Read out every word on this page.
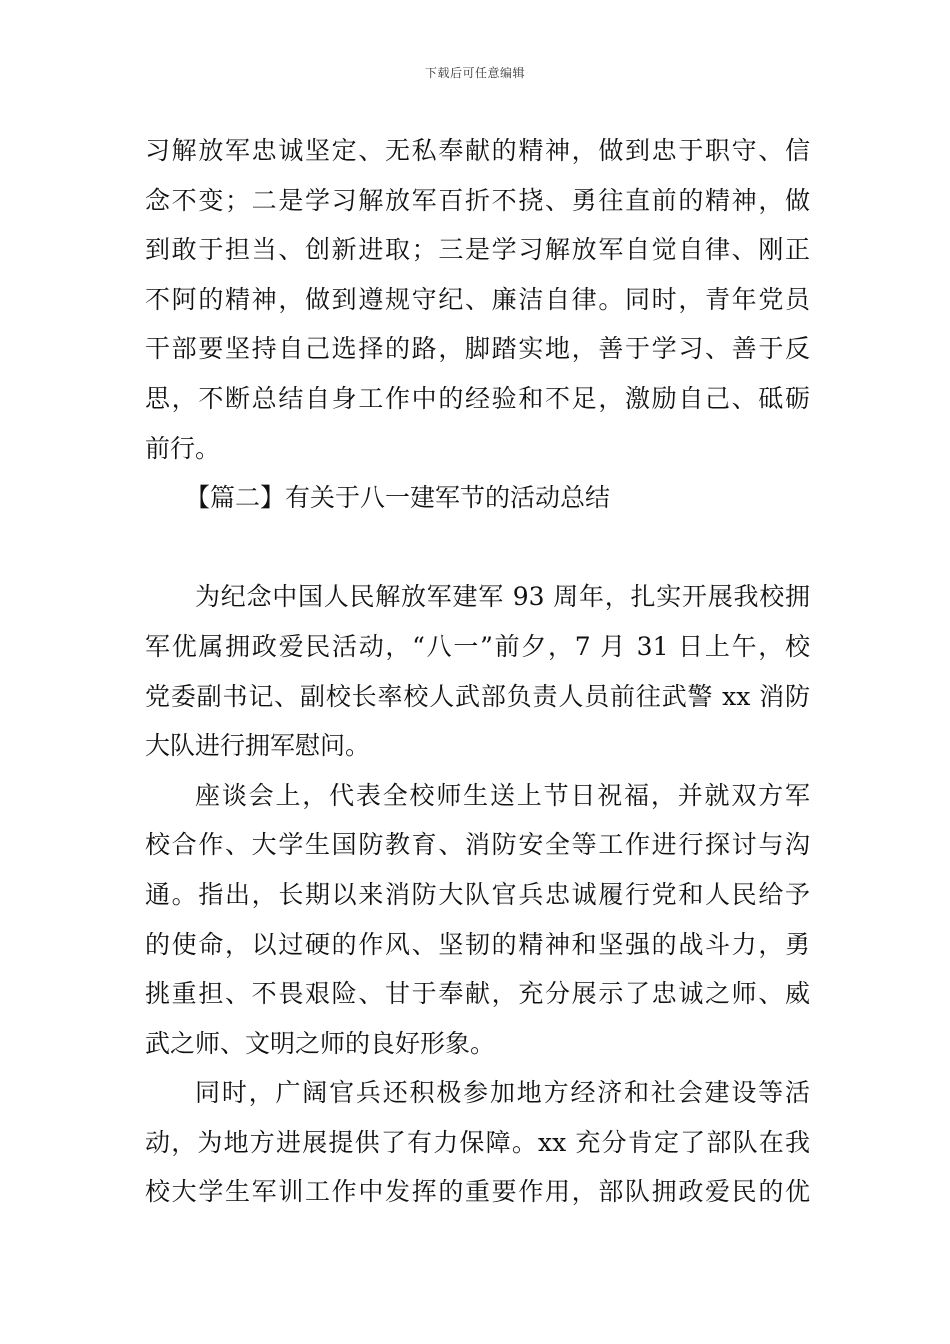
下载后可任意编辑
习解放军忠诚坚定、无私奉献的精神，做到忠于职守、信
念不变；二是学习解放军百折不挠、勇往直前的精神，做
到敢于担当、创新进取；三是学习解放军自觉自律、刚正
不阿的精神，做到遵规守纪、廉洁自律。同时，青年党员
干部要坚持自己选择的路，脚踏实地，善于学习、善于反
思，不断总结自身工作中的经验和不足，激励自己、砥砺
前行。
【篇二】有关于八一建军节的活动总结
为纪念中国人民解放军建军 93 周年，扎实开展我校拥
军优属拥政爱民活动，“八一”前夕，7 月 31 日上午，校
党委副书记、副校长率校人武部负责人员前往武警 xx 消防
大队进行拥军慰问。
座谈会上，代表全校师生送上节日祝福，并就双方军
校合作、大学生国防教育、消防安全等工作进行探讨与沟
通。指出，长期以来消防大队官兵忠诚履行党和人民给予
的使命，以过硬的作风、坚韧的精神和坚强的战斗力，勇
挑重担、不畏艰险、甘于奉献，充分展示了忠诚之师、威
武之师、文明之师的良好形象。
同时，广阔官兵还积极参加地方经济和社会建设等活
动，为地方进展提供了有力保障。xx 充分肯定了部队在我
校大学生军训工作中发挥的重要作用，部队拥政爱民的优
